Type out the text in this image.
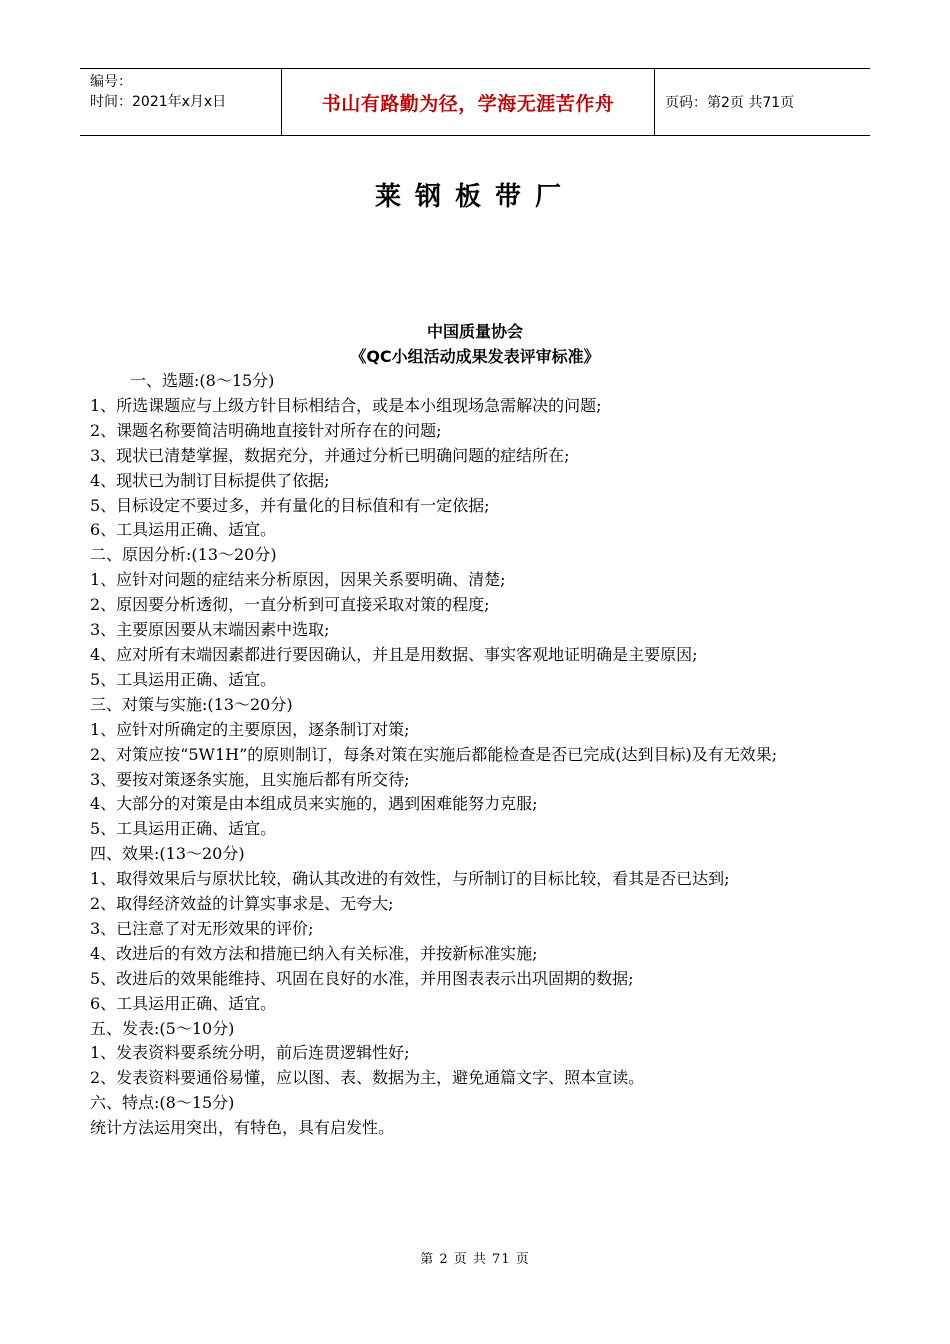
编号：
时间：2021年x月x日	书山有路勤为径，学海无涯苦作舟	页码：第2页 共71页
莱钢板带厂
中国质量协会
《QC小组活动成果发表评审标准》
一、选题:(8～15分)
1、所选课题应与上级方针目标相结合，或是本小组现场急需解决的问题;
2、课题名称要简洁明确地直接针对所存在的问题;
3、现状已清楚掌握，数据充分，并通过分析已明确问题的症结所在;
4、现状已为制订目标提供了依据;
5、目标设定不要过多，并有量化的目标值和有一定依据;
6、工具运用正确、适宜。
二、原因分析:(13～20分)
1、应针对问题的症结来分析原因，因果关系要明确、清楚;
2、原因要分析透彻，一直分析到可直接采取对策的程度;
3、主要原因要从末端因素中选取;
4、应对所有末端因素都进行要因确认，并且是用数据、事实客观地证明确是主要原因;
5、工具运用正确、适宜。
三、对策与实施:(13～20分)
1、应针对所确定的主要原因，逐条制订对策;
2、对策应按“5W1H”的原则制订，每条对策在实施后都能检查是否已完成(达到目标)及有无效果;
3、要按对策逐条实施，且实施后都有所交待;
4、大部分的对策是由本组成员来实施的，遇到困难能努力克服;
5、工具运用正确、适宜。
四、效果:(13～20分)
1、取得效果后与原状比较，确认其改进的有效性，与所制订的目标比较，看其是否已达到;
2、取得经济效益的计算实事求是、无夸大;
3、已注意了对无形效果的评价;
4、改进后的有效方法和措施已纳入有关标准，并按新标准实施;
5、改进后的效果能维持、巩固在良好的水准，并用图表表示出巩固期的数据;
6、工具运用正确、适宜。
五、发表:(5～10分)
1、发表资料要系统分明，前后连贯逻辑性好;
2、发表资料要通俗易懂，应以图、表、数据为主，避免通篇文字、照本宣读。
六、特点:(8～15分)
统计方法运用突出，有特色，具有启发性。
第 2 页 共 71 页
